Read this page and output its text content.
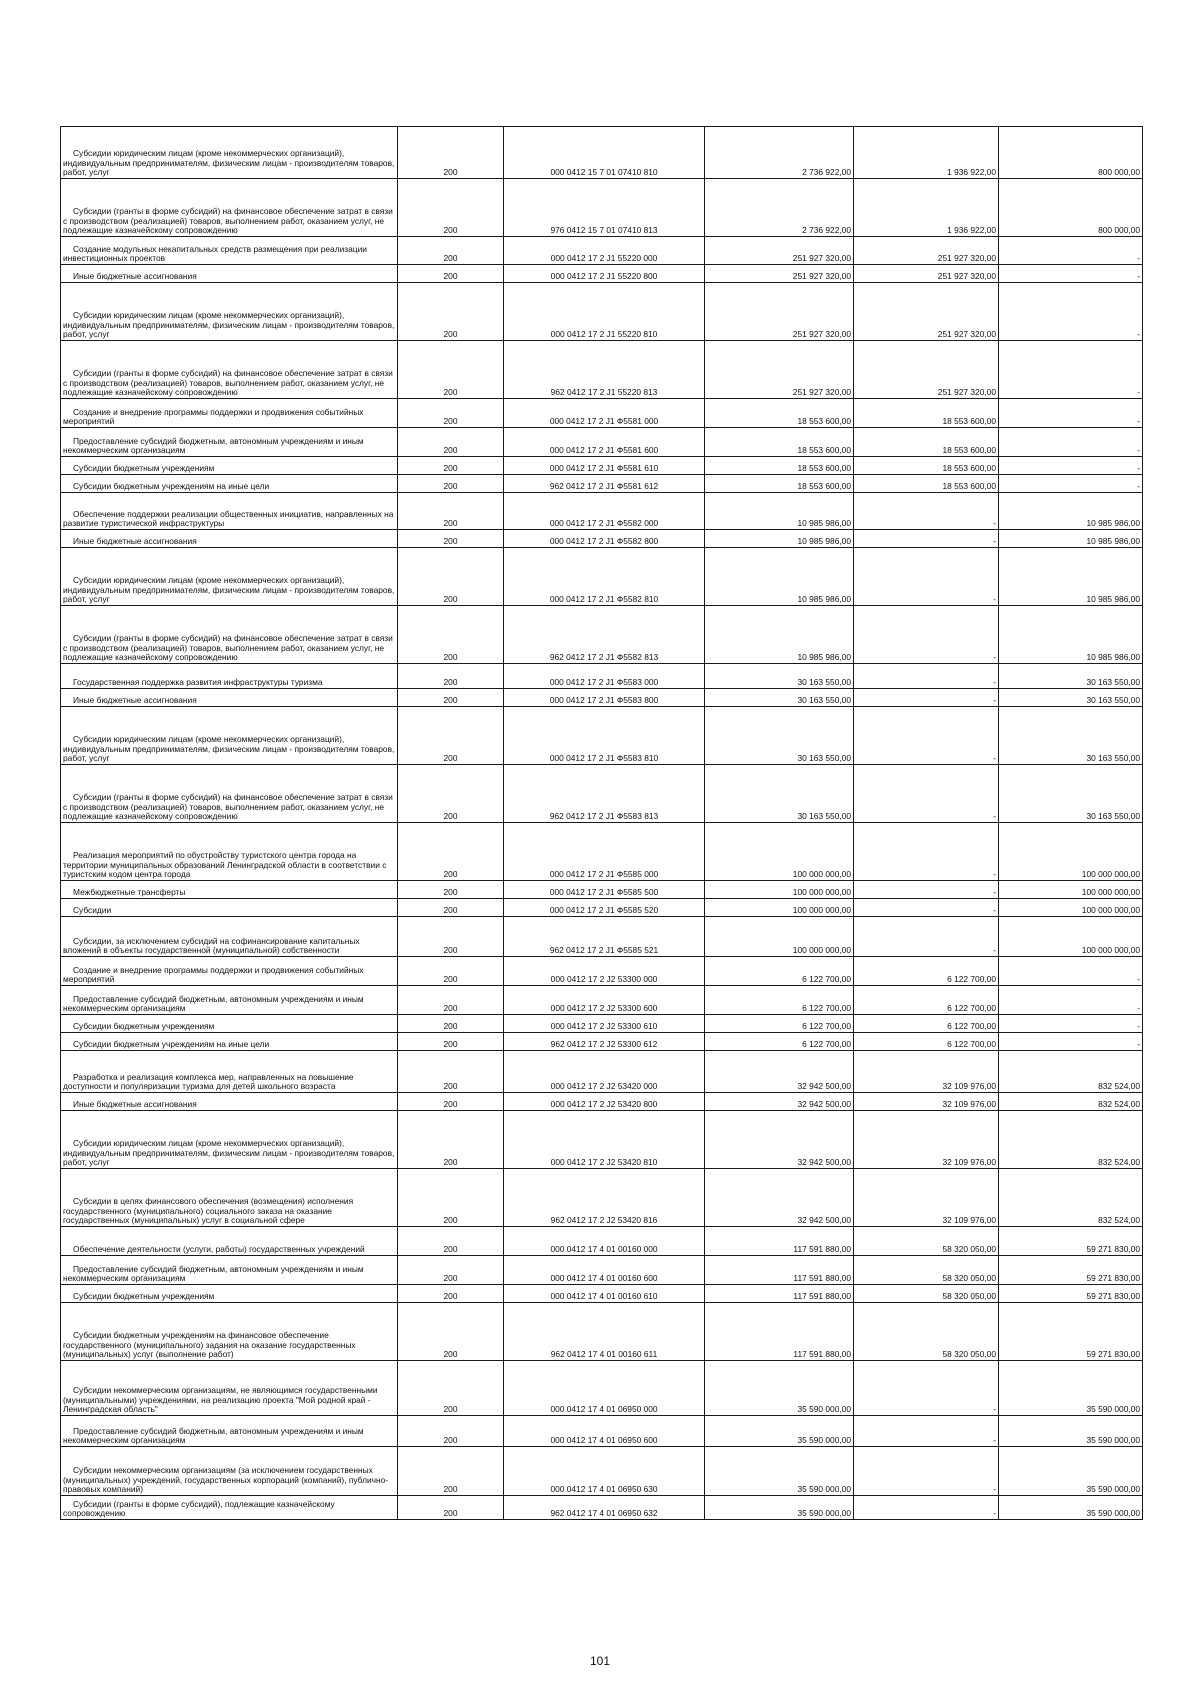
Субсидии юридическим лицам (кроме некоммерческих организаций), индивидуальным предпринимателям, физическим лицам - производителям товаров, работ, услуг	200	000 0412 15 7 01 07410 810	2 736 922,00	1 936 922,00	800 000,00
Субсидии (гранты в форме субсидий) на финансовое обеспечение затрат в связи с производством (реализацией) товаров, выполнением работ, оказанием услуг, не подлежащие казначейскому сопровождению	200	976 0412 15 7 01 07410 813	2 736 922,00	1 936 922,00	800 000,00
Создание модульных некапитальных средств размещения при реализации инвестиционных проектов	200	000 0412 17 2 J1 55220 000	251 927 320,00	251 927 320,00	-
Иные бюджетные ассигнования	200	000 0412 17 2 J1 55220 800	251 927 320,00	251 927 320,00	-
Субсидии юридическим лицам (кроме некоммерческих организаций), индивидуальным предпринимателям, физическим лицам - производителям товаров, работ, услуг	200	000 0412 17 2 J1 55220 810	251 927 320,00	251 927 320,00	-
Субсидии (гранты в форме субсидий) на финансовое обеспечение затрат в связи с производством (реализацией) товаров, выполнением работ, оказанием услуг, не подлежащие казначейскому сопровождению	200	962 0412 17 2 J1 55220 813	251 927 320,00	251 927 320,00	-
Создание и внедрение программы поддержки и продвижения событийных мероприятий	200	000 0412 17 2 J1 Ф5581 000	18 553 600,00	18 553 600,00	-
Предоставление субсидий бюджетным, автономным учреждениям и иным некоммерческим организациям	200	000 0412 17 2 J1 Ф5581 600	18 553 600,00	18 553 600,00	-
Субсидии бюджетным учреждениям	200	000 0412 17 2 J1 Ф5581 610	18 553 600,00	18 553 600,00	-
Субсидии бюджетным учреждениям на иные цели	200	962 0412 17 2 J1 Ф5581 612	18 553 600,00	18 553 600,00	-
Обеспечение поддержки реализации общественных инициатив, направленных на развитие туристической инфраструктуры	200	000 0412 17 2 J1 Ф5582 000	10 985 986,00	-	10 985 986,00
Иные бюджетные ассигнования	200	000 0412 17 2 J1 Ф5582 800	10 985 986,00	-	10 985 986,00
Субсидии юридическим лицам (кроме некоммерческих организаций), индивидуальным предпринимателям, физическим лицам - производителям товаров, работ, услуг	200	000 0412 17 2 J1 Ф5582 810	10 985 986,00	-	10 985 986,00
Субсидии (гранты в форме субсидий) на финансовое обеспечение затрат в связи с производством (реализацией) товаров, выполнением работ, оказанием услуг, не подлежащие казначейскому сопровождению	200	962 0412 17 2 J1 Ф5582 813	10 985 986,00	-	10 985 986,00
Государственная поддержка развития инфраструктуры туризма	200	000 0412 17 2 J1 Ф5583 000	30 163 550,00	-	30 163 550,00
Иные бюджетные ассигнования	200	000 0412 17 2 J1 Ф5583 800	30 163 550,00	-	30 163 550,00
Субсидии юридическим лицам (кроме некоммерческих организаций), индивидуальным предпринимателям, физическим лицам - производителям товаров, работ, услуг	200	000 0412 17 2 J1 Ф5583 810	30 163 550,00	-	30 163 550,00
Субсидии (гранты в форме субсидий) на финансовое обеспечение затрат в связи с производством (реализацией) товаров, выполнением работ, оказанием услуг, не подлежащие казначейскому сопровождению	200	962 0412 17 2 J1 Ф5583 813	30 163 550,00	-	30 163 550,00
Реализация мероприятий по обустройству туристского центра города на территории муниципальных образований Ленинградской области в соответствии с туристским кодом центра города	200	000 0412 17 2 J1 Ф5585 000	100 000 000,00	-	100 000 000,00
Межбюджетные трансферты	200	000 0412 17 2 J1 Ф5585 500	100 000 000,00	-	100 000 000,00
Субсидии	200	000 0412 17 2 J1 Ф5585 520	100 000 000,00	-	100 000 000,00
Субсидии, за исключением субсидий на софинансирование капитальных вложений в объекты государственной (муниципальной) собственности	200	962 0412 17 2 J1 Ф5585 521	100 000 000,00	-	100 000 000,00
Создание и внедрение программы поддержки и продвижения событийных мероприятий	200	000 0412 17 2 J2 53300 000	6 122 700,00	6 122 700,00	-
Предоставление субсидий бюджетным, автономным учреждениям и иным некоммерческим организациям	200	000 0412 17 2 J2 53300 600	6 122 700,00	6 122 700,00	-
Субсидии бюджетным учреждениям	200	000 0412 17 2 J2 53300 610	6 122 700,00	6 122 700,00	-
Субсидии бюджетным учреждениям на иные цели	200	962 0412 17 2 J2 53300 612	6 122 700,00	6 122 700,00	-
Разработка и реализация комплекса мер, направленных на повышение доступности и популяризации туризма для детей школьного возраста	200	000 0412 17 2 J2 53420 000	32 942 500,00	32 109 976,00	832 524,00
Иные бюджетные ассигнования	200	000 0412 17 2 J2 53420 800	32 942 500,00	32 109 976,00	832 524,00
Субсидии юридическим лицам (кроме некоммерческих организаций), индивидуальным предпринимателям, физическим лицам - производителям товаров, работ, услуг	200	000 0412 17 2 J2 53420 810	32 942 500,00	32 109 976,00	832 524,00
Субсидии в целях финансового обеспечения (возмещения) исполнения государственного (муниципального) социального заказа на оказание государственных (муниципальных) услуг в социальной сфере	200	962 0412 17 2 J2 53420 816	32 942 500,00	32 109 976,00	832 524,00
Обеспечение деятельности (услуги, работы) государственных учреждений	200	000 0412 17 4 01 00160 000	117 591 880,00	58 320 050,00	59 271 830,00
Предоставление субсидий бюджетным, автономным учреждениям и иным некоммерческим организациям	200	000 0412 17 4 01 00160 600	117 591 880,00	58 320 050,00	59 271 830,00
Субсидии бюджетным учреждениям	200	000 0412 17 4 01 00160 610	117 591 880,00	58 320 050,00	59 271 830,00
Субсидии бюджетным учреждениям на финансовое обеспечение государственного (муниципального) задания на оказание государственных (муниципальных) услуг (выполнение работ)	200	962 0412 17 4 01 00160 611	117 591 880,00	58 320 050,00	59 271 830,00
Субсидии некоммерческим организациям, не являющимся государственными (муниципальными) учреждениями, на реализацию проекта "Мой родной край - Ленинградская область"	200	000 0412 17 4 01 06950 000	35 590 000,00	-	35 590 000,00
Предоставление субсидий бюджетным, автономным учреждениям и иным некоммерческим организациям	200	000 0412 17 4 01 06950 600	35 590 000,00	-	35 590 000,00
Субсидии некоммерческим организациям (за исключением государственных (муниципальных) учреждений, государственных корпораций (компаний), публично-правовых компаний)	200	000 0412 17 4 01 06950 630	35 590 000,00	-	35 590 000,00
Субсидии (гранты в форме субсидий), подлежащие казначейскому сопровождению	200	962 0412 17 4 01 06950 632	35 590 000,00	-	35 590 000,00
101
